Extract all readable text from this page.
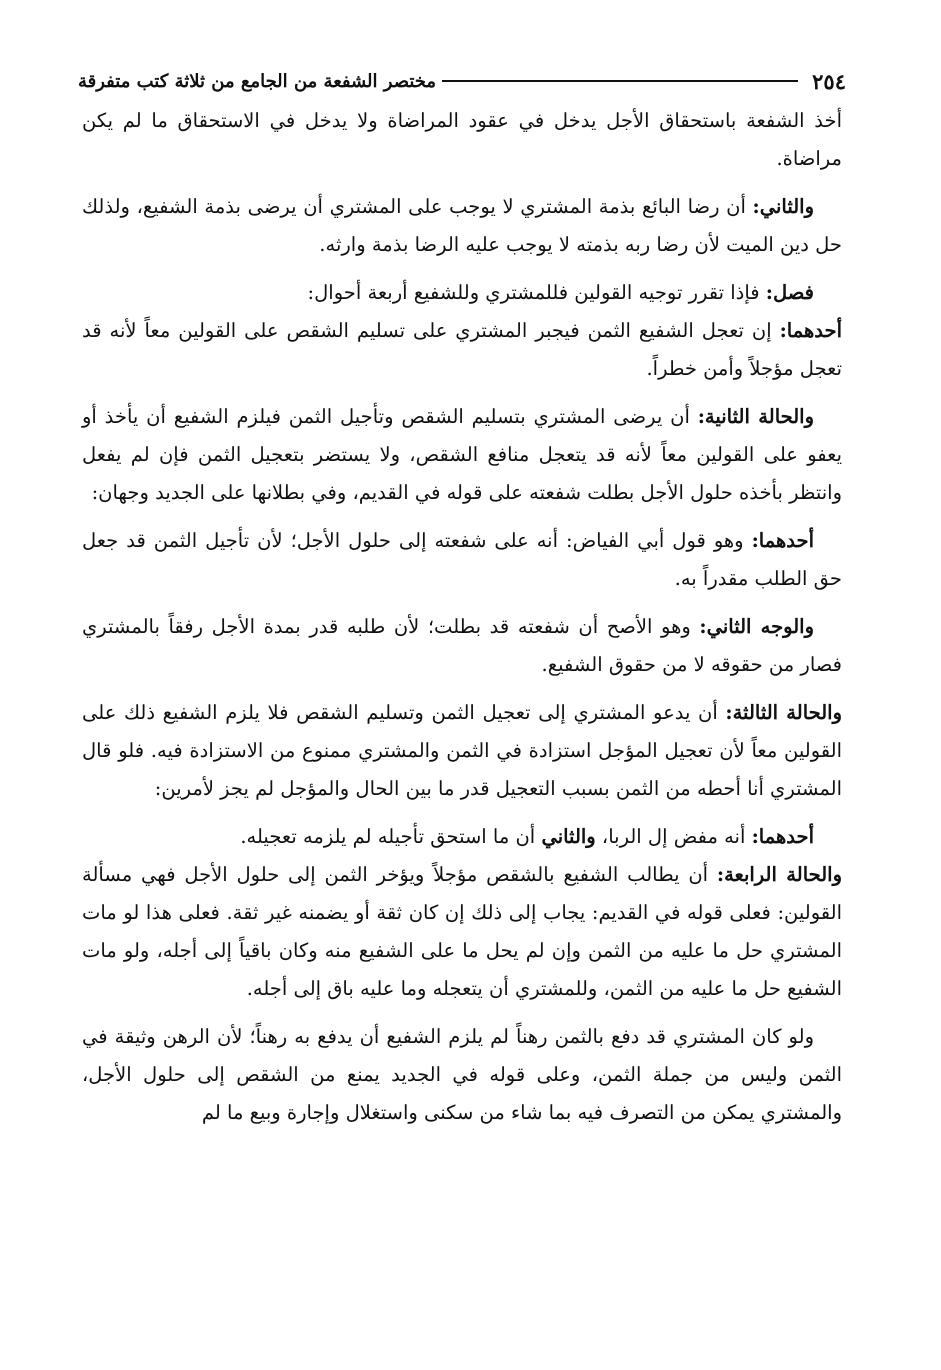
٢٥٤
مختصر الشفعة من الجامع من ثلاثة كتب متفرقة

أخذ الشفعة باستحقاق الأجل يدخل في عقود المراضاة ولا يدخل في الاستحقاق ما لم يكن مراضاة.

والثاني: أن رضا البائع بذمة المشتري لا يوجب على المشتري أن يرضى بذمة الشفيع، ولذلك حل دين الميت لأن رضا ربه بذمته لا يوجب عليه الرضا بذمة وارثه.

فصل: فإذا تقرر توجيه القولين فللمشتري وللشفيع أربعة أحوال:

أحدهما: إن تعجل الشفيع الثمن فيجبر المشتري على تسليم الشقص على القولين معاً لأنه قد تعجل مؤجلاً وأمن خطراً.

والحالة الثانية: أن يرضى المشتري بتسليم الشقص وتأجيل الثمن فيلزم الشفيع أن يأخذ أو يعفو على القولين معاً لأنه قد يتعجل منافع الشقص، ولا يستضر بتعجيل الثمن فإن لم يفعل وانتظر بأخذه حلول الأجل بطلت شفعته على قوله في القديم، وفي بطلانها على الجديد وجهان:

أحدهما: وهو قول أبي الفياض: أنه على شفعته إلى حلول الأجل؛ لأن تأجيل الثمن قد جعل حق الطلب مقدراً به.

والوجه الثاني: وهو الأصح أن شفعته قد بطلت؛ لأن طلبه قدر بمدة الأجل رفقاً بالمشتري فصار من حقوقه لا من حقوق الشفيع.

والحالة الثالثة: أن يدعو المشتري إلى تعجيل الثمن وتسليم الشقص فلا يلزم الشفيع ذلك على القولين معاً لأن تعجيل المؤجل استزادة في الثمن والمشتري ممنوع من الاستزادة فيه. فلو قال المشتري أنا أحطه من الثمن بسبب التعجيل قدر ما بين الحال والمؤجل لم يجز لأمرين:

أحدهما: أنه مفض إل الربا، والثاني أن ما استحق تأجيله لم يلزمه تعجيله.

والحالة الرابعة: أن يطالب الشفيع بالشقص مؤجلاً ويؤخر الثمن إلى حلول الأجل فهي مسألة القولين: فعلى قوله في القديم: يجاب إلى ذلك إن كان ثقة أو يضمنه غير ثقة. فعلى هذا لو مات المشتري حل ما عليه من الثمن وإن لم يحل ما على الشفيع منه وكان باقياً إلى أجله، ولو مات الشفيع حل ما عليه من الثمن، وللمشتري أن يتعجله وما عليه باق إلى أجله.

ولو كان المشتري قد دفع بالثمن رهناً لم يلزم الشفيع أن يدفع به رهناً؛ لأن الرهن وثيقة في الثمن وليس من جملة الثمن، وعلى قوله في الجديد يمنع من الشقص إلى حلول الأجل، والمشتري يمكن من التصرف فيه بما شاء من سكنى واستغلال وإجارة وبيع ما لم
